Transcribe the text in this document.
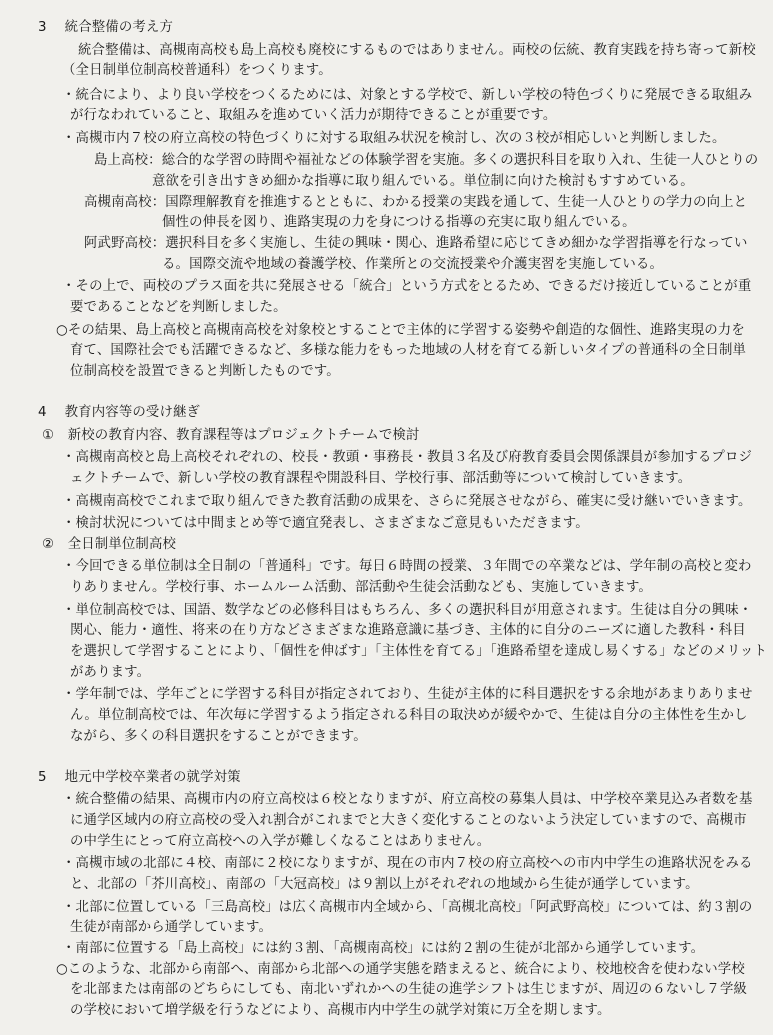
3 統合整備の考え方
統合整備は、高槻南高校も島上高校も廃校にするものではありません。両校の伝統、教育実践を持ち寄って新校
（全日制単位制高校普通科）をつくります。
・統合により、より良い学校をつくるためには、対象とする学校で、新しい学校の特色づくりに発展できる取組み
が行なわれていること、取組みを進めていく活力が期待できることが重要です。
・高槻市内７校の府立高校の特色づくりに対する取組み状況を検討し、次の３校が相応しいと判断しました。
島上高校：総合的な学習の時間や福祉などの体験学習を実施。多くの選択科目を取り入れ、生徒一人ひとりの
意欲を引き出すきめ細かな指導に取り組んでいる。単位制に向けた検討もすすめている。
高槻南高校：国際理解教育を推進するとともに、わかる授業の実践を通して、生徒一人ひとりの学力の向上と
個性の伸長を図り、進路実現の力を身につける指導の充実に取り組んでいる。
阿武野高校：選択科目を多く実施し、生徒の興味・関心、進路希望に応じてきめ細かな学習指導を行なってい
る。国際交流や地域の養護学校、作業所との交流授業や介護実習を実施している。
・その上で、両校のプラス面を共に発展させる「統合」という方式をとるため、できるだけ接近していることが重
要であることなどを判断しました。
○その結果、島上高校と高槻南高校を対象校とすることで主体的に学習する姿勢や創造的な個性、進路実現の力を
育て、国際社会でも活躍できるなど、多様な能力をもった地域の人材を育てる新しいタイプの普通科の全日制単
位制高校を設置できると判断したものです。
4 教育内容等の受け継ぎ
①　新校の教育内容、教育課程等はプロジェクトチームで検討
・高槻南高校と島上高校それぞれの、校長・教頭・事務長・教員３名及び府教育委員会関係課員が参加するプロジ
ェクトチームで、新しい学校の教育課程や開設科目、学校行事、部活動等について検討していきます。
・高槻南高校でこれまで取り組んできた教育活動の成果を、さらに発展させながら、確実に受け継いでいきます。
・検討状況については中間まとめ等で適宜発表し、さまざまなご意見もいただきます。
②　全日制単位制高校
・今回できる単位制は全日制の「普通科」です。毎日６時間の授業、３年間での卒業などは、学年制の高校と変わ
りありません。学校行事、ホームルーム活動、部活動や生徒会活動なども、実施していきます。
・単位制高校では、国語、数学などの必修科目はもちろん、多くの選択科目が用意されます。生徒は自分の興味・
関心、能力・適性、将来の在り方などさまざまな進路意識に基づき、主体的に自分のニーズに適した教科・科目
を選択して学習することにより、「個性を伸ばす」「主体性を育てる」「進路希望を達成し易くする」などのメリット
があります。
・学年制では、学年ごとに学習する科目が指定されており、生徒が主体的に科目選択をする余地があまりありませ
ん。単位制高校では、年次毎に学習するよう指定される科目の取決めが緩やかで、生徒は自分の主体性を生かし
ながら、多くの科目選択をすることができます。
5 地元中学校卒業者の就学対策
・統合整備の結果、高槻市内の府立高校は６校となりますが、府立高校の募集人員は、中学校卒業見込み者数を基
に通学区域内の府立高校の受入れ割合がこれまでと大きく変化することのないよう決定していますので、高槻市
の中学生にとって府立高校への入学が難しくなることはありません。
・高槻市域の北部に４校、南部に２校になりますが、現在の市内７校の府立高校への市内中学生の進路状況をみる
と、北部の「芥川高校」、南部の「大冠高校」は９割以上がそれぞれの地域から生徒が通学しています。
・北部に位置している「三島高校」は広く高槻市内全域から、「高槻北高校」「阿武野高校」については、約３割の
生徒が南部から通学しています。
・南部に位置する「島上高校」には約３割、「高槻南高校」には約２割の生徒が北部から通学しています。
○このような、北部から南部へ、南部から北部への通学実態を踏まえると、統合により、校地校舎を使わない学校
を北部または南部のどちらにしても、南北いずれかへの生徒の進学シフトは生じますが、周辺の６ないし７学級
の学校において増学級を行うなどにより、高槻市内中学生の就学対策に万全を期します。
